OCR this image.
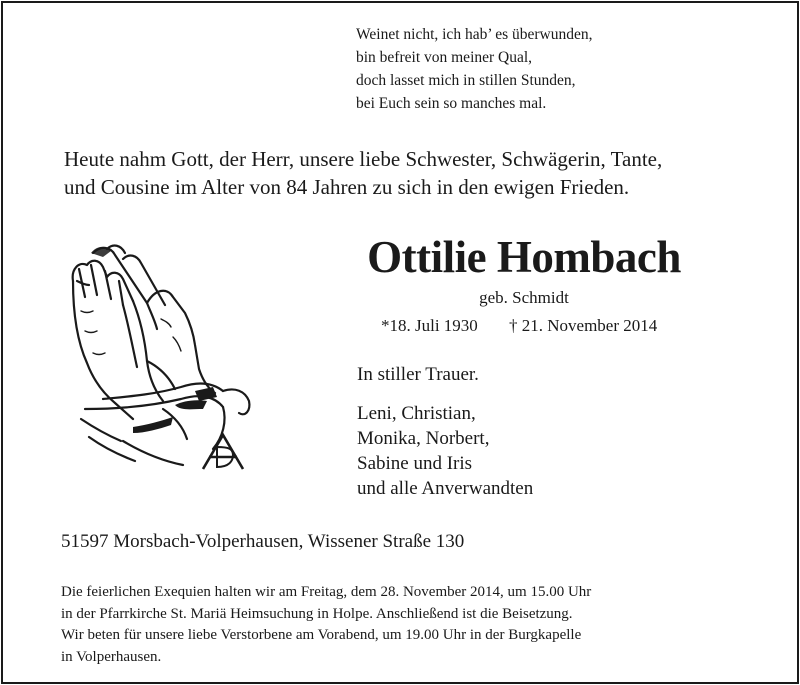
Weinet nicht, ich hab’ es überwunden,
bin befreit von meiner Qual,
doch lasset mich in stillen Stunden,
bei Euch sein so manches mal.
Heute nahm Gott, der Herr, unsere liebe Schwester, Schwägerin, Tante,
und Cousine im Alter von 84 Jahren zu sich in den ewigen Frieden.
Ottilie Hombach
geb. Schmidt
*18. Juli 1930 † 21. November 2014
In stiller Trauer.
Leni, Christian,
Monika, Norbert,
Sabine und Iris
und alle Anverwandten
51597 Morsbach-Volperhausen, Wissener Straße 130
Die feierlichen Exequien halten wir am Freitag, dem 28. November 2014, um 15.00 Uhr
in der Pfarrkirche St. Mariä Heimsuchung in Holpe. Anschließend ist die Beisetzung.
Wir beten für unsere liebe Verstorbene am Vorabend, um 19.00 Uhr in der Burgkapelle
in Volperhausen.
